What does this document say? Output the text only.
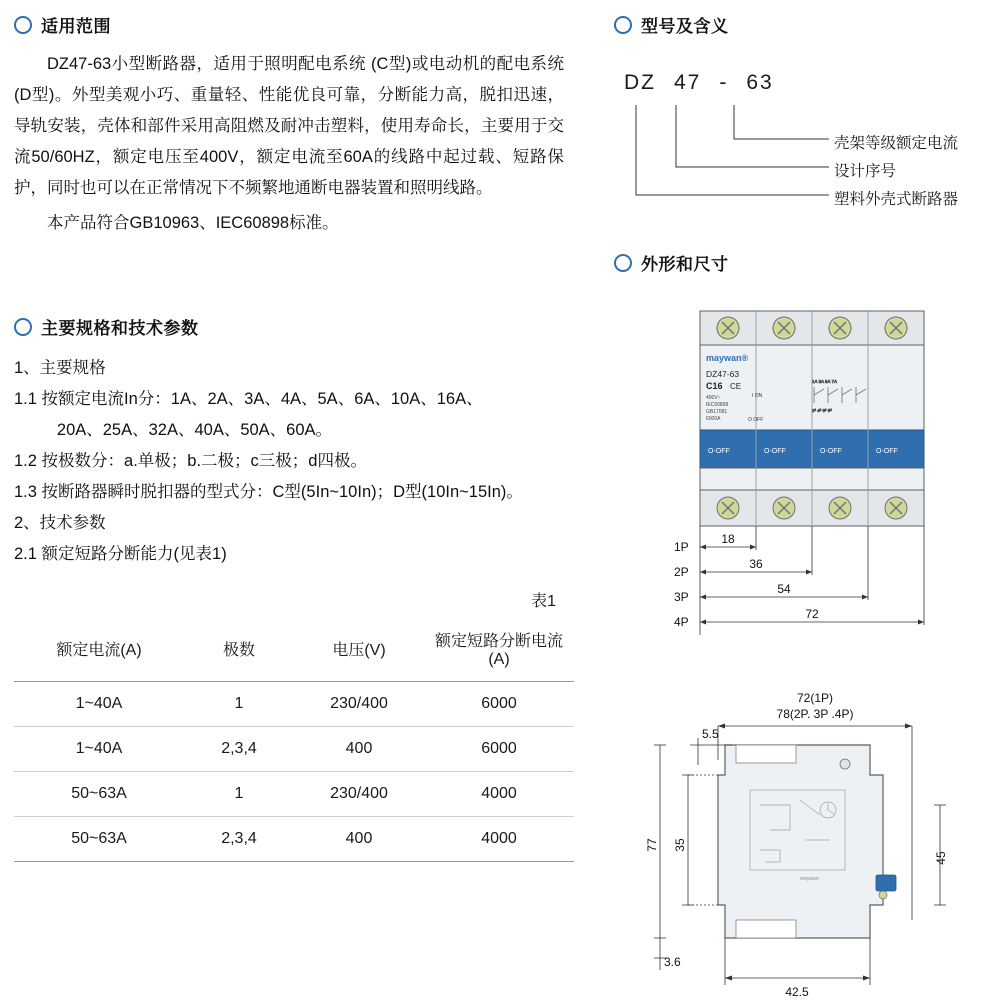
适用范围
DZ47-63小型断路器，适用于照明配电系统 (C型)或电动机的配电系统(D型)。外型美观小巧、重量轻、性能优良可靠，分断能力高，脱扣迅速，导轨安装，壳体和部件采用高阻燃及耐冲击塑料，使用寿命长，主要用于交流50/60HZ，额定电压至400V，额定电流至60A的线路中起过载、短路保护，同时也可以在正常情况下不频繁地通断电器装置和照明线路。
本产品符合GB10963、IEC60898标准。
主要规格和技术参数
1、主要规格
1.1 按额定电流In分：1A、2A、3A、4A、5A、6A、10A、16A、
20A、25A、32A、40A、50A、60A。
1.2 按极数分：a.单极；b.二极；c三极；d四极。
1.3 按断路器瞬时脱扣器的型式分：C型(5In~10In)；D型(10In~15In)。
2、技术参数
2.1 额定短路分断能力(见表1)
表1
额定电流(A)	极数	电压(V)	额定短路分断电流(A)
1~40A	1	230/400	6000
1~40A	2,3,4	400	6000
50~63A	1	230/400	4000
50~63A	2,3,4	400	4000
型号及含义
DZ 47 - 63
壳架等级额定电流
设计序号
塑料外壳式断路器
外形和尺寸
maywan®
DZ47-63
C16 CE
400V~
IEC60898
GB17081
6000A
I ON
O OFF
1A 3A 5A 7A
2² 4² 6² 8²
O-OFF	O-OFF	O-OFF	O-OFF
1P
2P
3P
4P
18
36
54
72
72(1P)
78(2P. 3P .4P)
maywan
5.5
77 35
45
3.6
42.5
